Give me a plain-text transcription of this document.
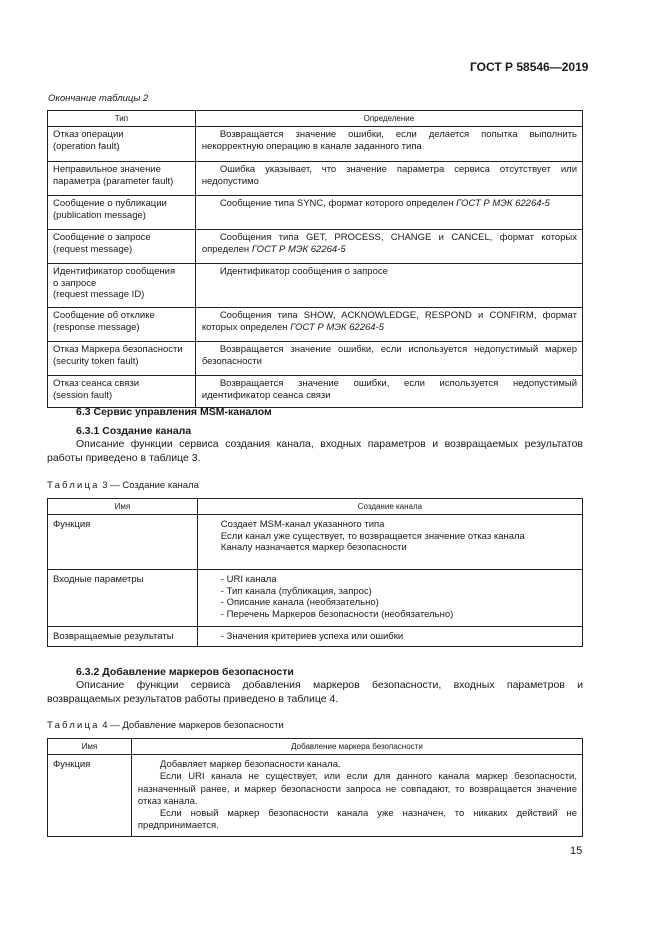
ГОСТ Р 58546—2019
Окончание таблицы 2
Тип	Определение
Отказ операции
(operation fault)	Возвращается значение ошибки, если делается попытка выполнить некорректную операцию в канале заданного типа
Неправильное значение
параметра (parameter fault)	Ошибка указывает, что значение параметра сервиса отсутствует или недопустимо
Сообщение о публикации
(publication message)	Сообщение типа SYNC, формат которого определен ГОСТ Р МЭК 62264-5
Сообщение о запросе
(request message)	Сообщения типа GET, PROCESS, CHANGE и CANCEL, формат которых определен ГОСТ Р МЭК 62264-5
Идентификатор сообщения
о запросе
(request message ID)	Идентификатор сообщения о запросе
Сообщение об отклике
(response message)	Сообщения типа SHOW, ACKNOWLEDGE, RESPOND и CONFIRM, формат которых определен ГОСТ Р МЭК 62264-5
Отказ Маркера безопасности
(security token fault)	Возвращается значение ошибки, если используется недопустимый маркер безопасности
Отказ сеанса связи
(session fault)	Возвращается значение ошибки, если используется недопустимый идентификатор сеанса связи
6.3 Сервис управления MSM-каналом
6.3.1 Создание канала
Описание функции сервиса создания канала, входных параметров и возвращаемых результатов работы приведено в таблице 3.
Таблица 3 — Создание канала
Имя	Создание канала
Функция	Создает MSM-канал указанного типа

Если канал уже существует, то возвращается значение отказ канала

Каналу назначается маркер безопасности

Входные параметры	- URI канала

- Тип канала (публикация, запрос)

- Описание канала (необязательно)

- Перечень Маркеров безопасности (необязательно)

Возвращаемые результаты	- Значения критериев успеха или ошибки

6.3.2 Добавление маркеров безопасности
Описание функции сервиса добавления маркеров безопасности, входных параметров и возвращаемых результатов работы приведено в таблице 4.
Таблица 4 — Добавление маркеров безопасности
Имя	Добавление маркера безопасности
Функция	Добавляет маркер безопасности канала.

Если URI канала не существует, или если для данного канала маркер безопасности, назначенный ранее, и маркер безопасности запроса не совпадают, то возвращается значение отказ канала.

Если новый маркер безопасности канала уже назначен, то никаких действий не предпринимается.

15
